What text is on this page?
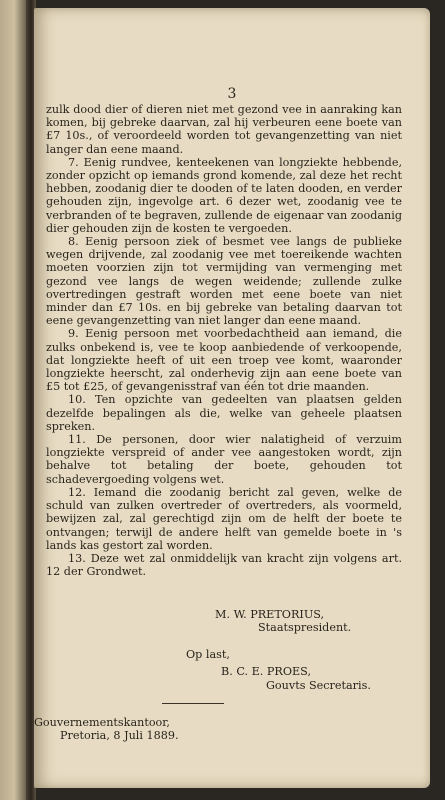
3

zulk dood dier of dieren niet met gezond vee in aanraking kan komen, bij gebreke daarvan, zal hij verbeuren eene boete van £7 10s., of veroordeeld worden tot gevangenzetting van niet langer dan eene maand.

7. Eenig rundvee, kenteekenen van longziekte hebbende, zonder opzicht op iemands grond komende, zal deze het recht hebben, zoodanig dier te dooden of te laten dooden, en verder gehouden zijn, ingevolge art. 6 dezer wet, zoodanig vee te verbranden of te begraven, zullende de eigenaar van zoodanig dier gehouden zijn de kosten te vergoeden.

8. Eenig persoon ziek of besmet vee langs de publieke wegen drijvende, zal zoodanig vee met toereikende wachten moeten voorzien zijn tot vermijding van vermenging met gezond vee langs de wegen weidende; zullende zulke overtredingen gestraft worden met eene boete van niet minder dan £7 10s. en bij gebreke van betaling daarvan tot eene gevangenzetting van niet langer dan eene maand.

9. Eenig persoon met voorbedachtheid aan iemand, die zulks onbekend is, vee te koop aanbiedende of verkoopende, dat longziekte heeft of uit een troep vee komt, waaronder longziekte heerscht, zal onderhevig zijn aan eene boete van £5 tot £25, of gevangenisstraf van één tot drie maanden.

10. Ten opzichte van gedeelten van plaatsen gelden dezelfde bepalingen als die, welke van geheele plaatsen spreken.

11. De personen, door wier nalatigheid of verzuim longziekte verspreid of ander vee aangestoken wordt, zijn behalve tot betaling der boete, gehouden tot schadevergoeding volgens wet.

12. Iemand die zoodanig bericht zal geven, welke de schuld van zulken overtreder of overtreders, als voormeld, bewijzen zal, zal gerechtigd zijn om de helft der boete te ontvangen; terwijl de andere helft van gemelde boete in 's lands kas gestort zal worden.

13. Deze wet zal onmiddelijk van kracht zijn volgens art. 12 der Grondwet.

M. W. PRETORIUS,
Staatspresident.
Op last,
B. C. E. PROES,
Gouvts Secretaris.
Gouvernementskantoor,
Pretoria, 8 Juli 1889.
